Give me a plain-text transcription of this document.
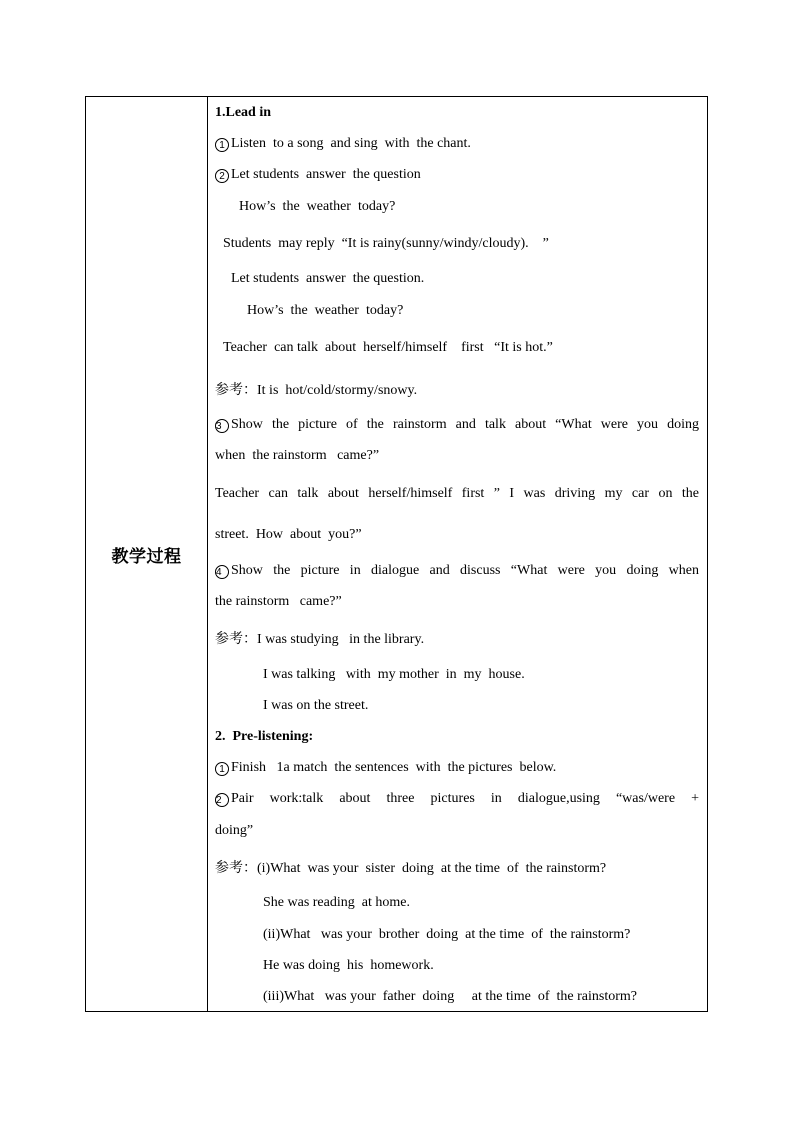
教学过程
1.Lead in
1 Listen  to a song  and sing  with  the chant.
2 Let students  answer  the question
How’s  the  weather  today?
Students  may reply  “It is rainy(sunny/windy/cloudy).    ”
Let students  answer  the question.
How’s  the  weather  today?
Teacher  can talk  about  herself/himself    first   “It is hot.”
参考：It is  hot/cold/stormy/snowy.
3 Show the picture of the rainstorm and talk about “What were you doing
when  the rainstorm   came?”
Teacher can talk about herself/himself first ” I was driving my car on the
street.  How  about  you?”
4 Show the picture in dialogue and discuss “What were you doing when
the rainstorm   came?”
参考：I was studying   in the library.
I was talking   with  my mother  in  my  house.
I was on the street.
2.  Pre-listening:
1 Finish   1a match  the sentences  with  the pictures  below.
2 Pair work:talk about three pictures in dialogue,using “was/were +
doing”
参考：(i)What  was your  sister  doing  at the time  of  the rainstorm?
She was reading  at home.
(ii)What   was your  brother  doing  at the time  of  the rainstorm?
He was doing  his  homework.
(iii)What   was your  father  doing     at the time  of  the rainstorm?
